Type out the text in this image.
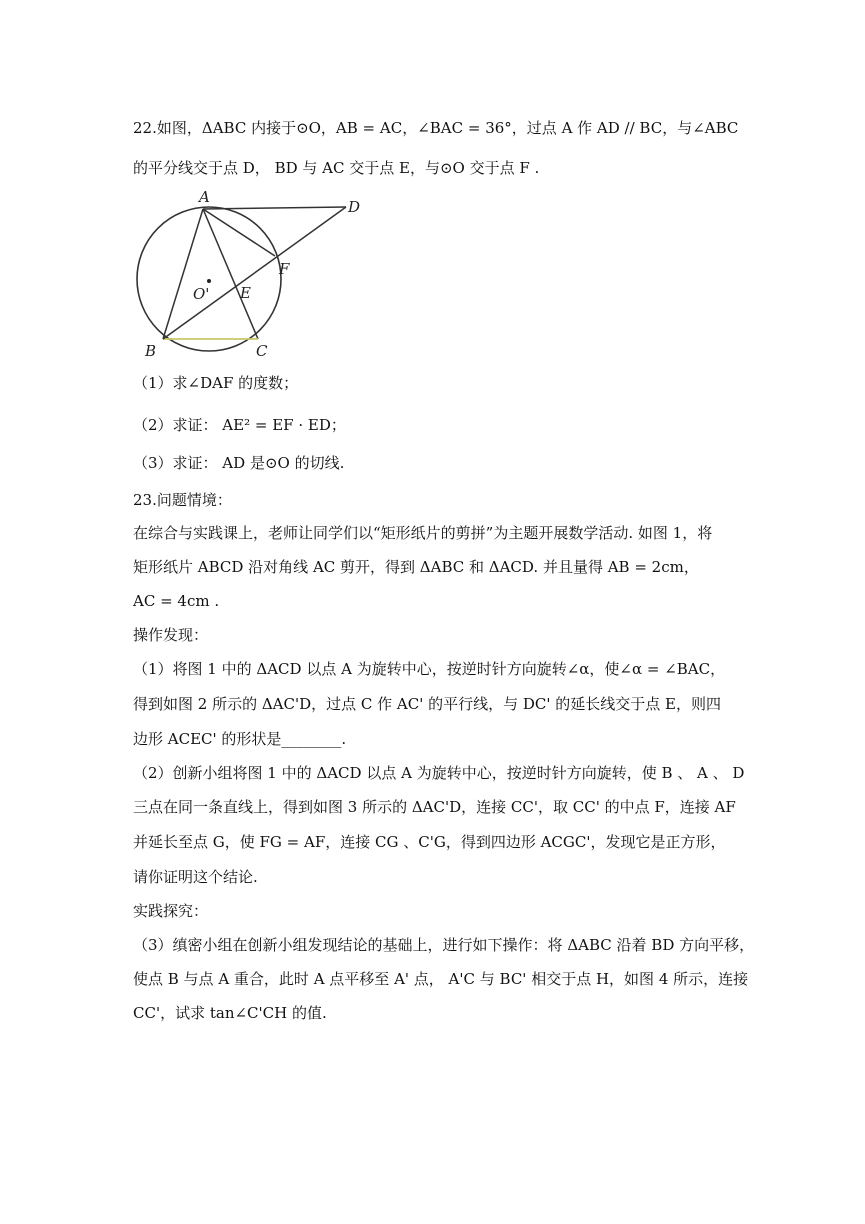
22.如图，ΔABC 内接于⊙O，AB = AC，∠BAC = 36°，过点 A 作 AD // BC，与∠ABC
的平分线交于点 D， BD 与 AC 交于点 E，与⊙O 交于点 F .
A
B	C
D
E
F
O'
（1）求∠DAF 的度数；
（2）求证： AE² = EF · ED；
（3）求证： AD 是⊙O 的切线.
23.问题情境：
在综合与实践课上，老师让同学们以“矩形纸片的剪拼”为主题开展数学活动. 如图 1，将
矩形纸片 ABCD 沿对角线 AC 剪开，得到 ΔABC 和 ΔACD. 并且量得 AB = 2cm，
AC = 4cm .
操作发现：
（1）将图 1 中的 ΔACD 以点 A 为旋转中心，按逆时针方向旋转∠α，使∠α = ∠BAC，
得到如图 2 所示的 ΔAC'D，过点 C 作 AC' 的平行线，与 DC' 的延长线交于点 E，则四
边形 ACEC' 的形状是________.
（2）创新小组将图 1 中的 ΔACD 以点 A 为旋转中心，按逆时针方向旋转，使 B 、 A 、 D
三点在同一条直线上，得到如图 3 所示的 ΔAC'D，连接 CC'，取 CC' 的中点 F，连接 AF
并延长至点 G，使 FG = AF，连接 CG 、C'G，得到四边形 ACGC'，发现它是正方形，
请你证明这个结论.
实践探究：
（3）缜密小组在创新小组发现结论的基础上，进行如下操作：将 ΔABC 沿着 BD 方向平移，
使点 B 与点 A 重合，此时 A 点平移至 A' 点， A'C 与 BC' 相交于点 H，如图 4 所示，连接
CC'，试求 tan∠C'CH 的值.
